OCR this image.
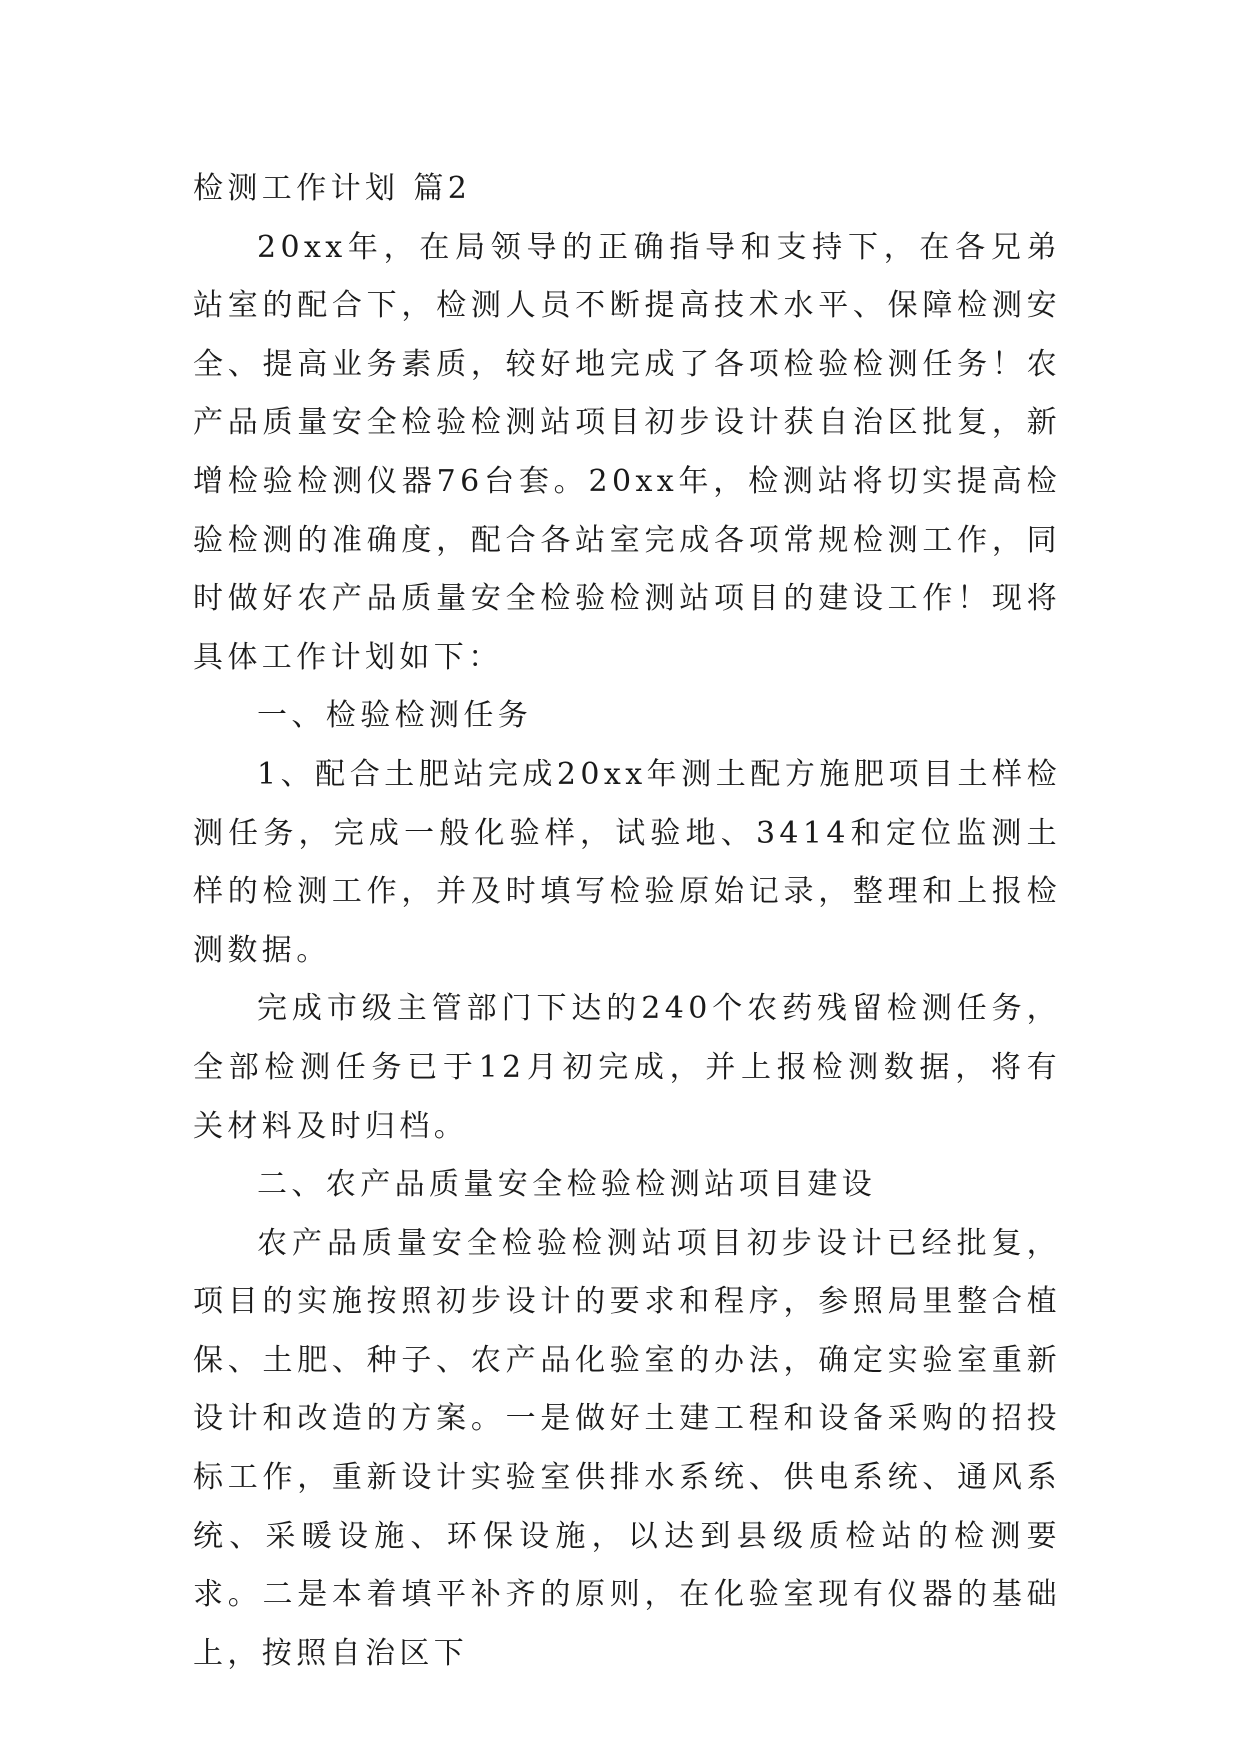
检测工作计划 篇2

20xx年，在局领导的正确指导和支持下，在各兄弟站室的配合下，检测人员不断提高技术水平、保障检测安全、提高业务素质，较好地完成了各项检验检测任务！农产品质量安全检验检测站项目初步设计获自治区批复，新增检验检测仪器76台套。20xx年，检测站将切实提高检验检测的准确度，配合各站室完成各项常规检测工作，同时做好农产品质量安全检验检测站项目的建设工作！现将具体工作计划如下：

一、检验检测任务

1、配合土肥站完成20xx年测土配方施肥项目土样检测任务，完成一般化验样，试验地、3414和定位监测土样的检测工作，并及时填写检验原始记录，整理和上报检测数据。

完成市级主管部门下达的240个农药残留检测任务，全部检测任务已于12月初完成，并上报检测数据，将有关材料及时归档。

二、农产品质量安全检验检测站项目建设

农产品质量安全检验检测站项目初步设计已经批复，项目的实施按照初步设计的要求和程序，参照局里整合植保、土肥、种子、农产品化验室的办法，确定实验室重新设计和改造的方案。一是做好土建工程和设备采购的招投标工作，重新设计实验室供排水系统、供电系统、通风系统、采暖设施、环保设施，以达到县级质检站的检测要求。二是本着填平补齐的原则，在化验室现有仪器的基础上，按照自治区下
